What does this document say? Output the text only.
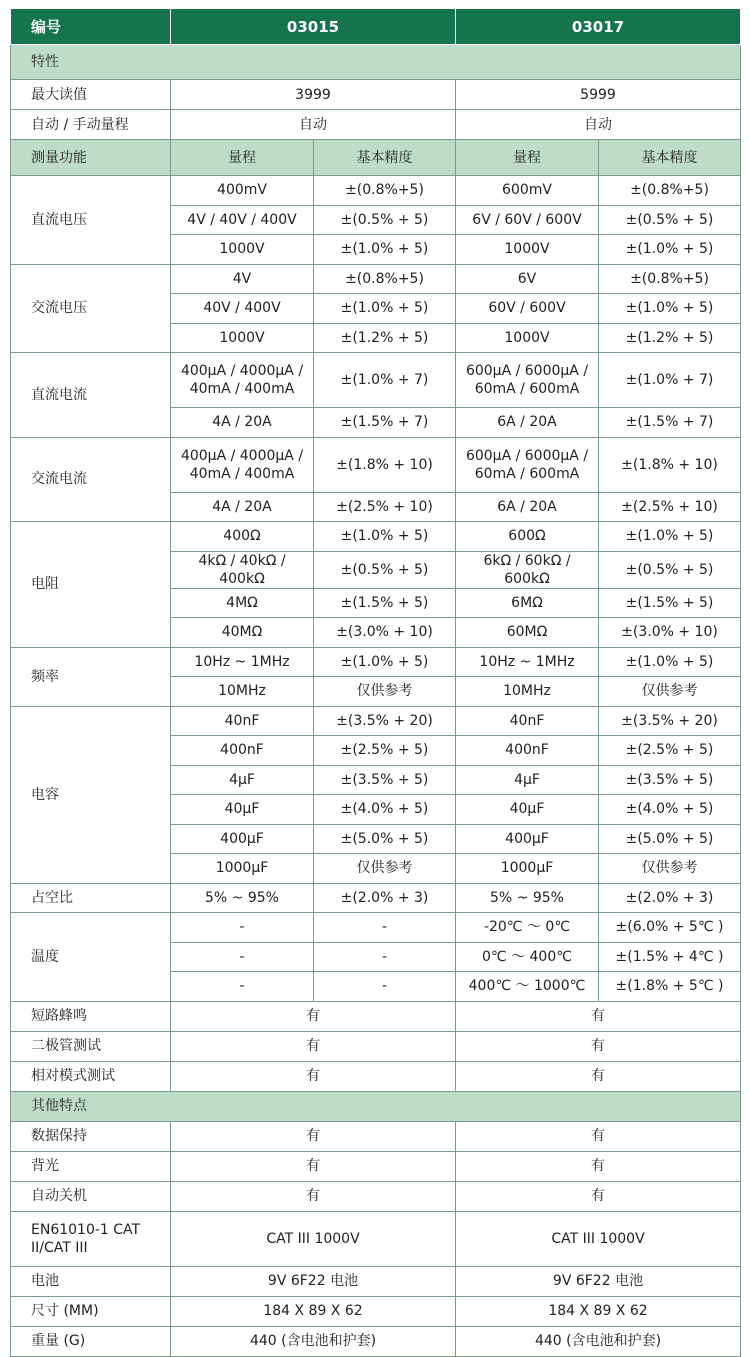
编号	03015		03017	
特性				
最大读值	3999		5999	
自动 / 手动量程	自动		自动	
测量功能	量程	基本精度	量程	基本精度
直流电压	400mV	±(0.8%+5)	600mV	±(0.8%+5)
	4V / 40V / 400V	±(0.5% + 5)	6V / 60V / 600V	±(0.5% + 5)
	1000V	±(1.0% + 5)	1000V	±(1.0% + 5)
交流电压	4V	±(0.8%+5)	6V	±(0.8%+5)
	40V / 400V	±(1.0% + 5)	60V / 600V	±(1.0% + 5)
	1000V	±(1.2% + 5)	1000V	±(1.2% + 5)
直流电流	400μA / 4000μA / 40mA / 400mA	±(1.0% + 7)	600μA / 6000μA / 60mA / 600mA	±(1.0% + 7)
	4A / 20A	±(1.5% + 7)	6A / 20A	±(1.5% + 7)
交流电流	400μA / 4000μA / 40mA / 400mA	±(1.8% + 10)	600μA / 6000μA / 60mA / 600mA	±(1.8% + 10)
	4A / 20A	±(2.5% + 10)	6A / 20A	±(2.5% + 10)
电阻	400Ω	±(1.0% + 5)	600Ω	±(1.0% + 5)
	4kΩ / 40kΩ / 400kΩ	±(0.5% + 5)	6kΩ / 60kΩ / 600kΩ	±(0.5% + 5)
	4MΩ	±(1.5% + 5)	6MΩ	±(1.5% + 5)
	40MΩ	±(3.0% + 10)	60MΩ	±(3.0% + 10)
频率	10Hz ~ 1MHz	±(1.0% + 5)	10Hz ~ 1MHz	±(1.0% + 5)
	10MHz	仅供参考	10MHz	仅供参考
电容	40nF	±(3.5% + 20)	40nF	±(3.5% + 20)
	400nF	±(2.5% + 5)	400nF	±(2.5% + 5)
	4μF	±(3.5% + 5)	4μF	±(3.5% + 5)
	40μF	±(4.0% + 5)	40μF	±(4.0% + 5)
	400μF	±(5.0% + 5)	400μF	±(5.0% + 5)
	1000μF	仅供参考	1000μF	仅供参考
占空比	5% ~ 95%	±(2.0% + 3)	5% ~ 95%	±(2.0% + 3)
温度	-	-	-20℃ ～ 0℃	±(6.0% + 5℃ )
	-	-	0℃ ～ 400℃	±(1.5% + 4℃ )
	-	-	400℃ ～ 1000℃	±(1.8% + 5℃ )
短路蜂鸣	有		有	
二极管测试	有		有	
相对模式测试	有		有	
其他特点				
数据保持	有		有	
背光	有		有	
自动关机	有		有	
EN61010-1 CAT II/CAT III	CAT III 1000V		CAT III 1000V	
电池	9V 6F22 电池		9V 6F22 电池	
尺寸 (MM)	184 X 89 X 62		184 X 89 X 62	
重量 (G)	440 (含电池和护套)		440 (含电池和护套)	
